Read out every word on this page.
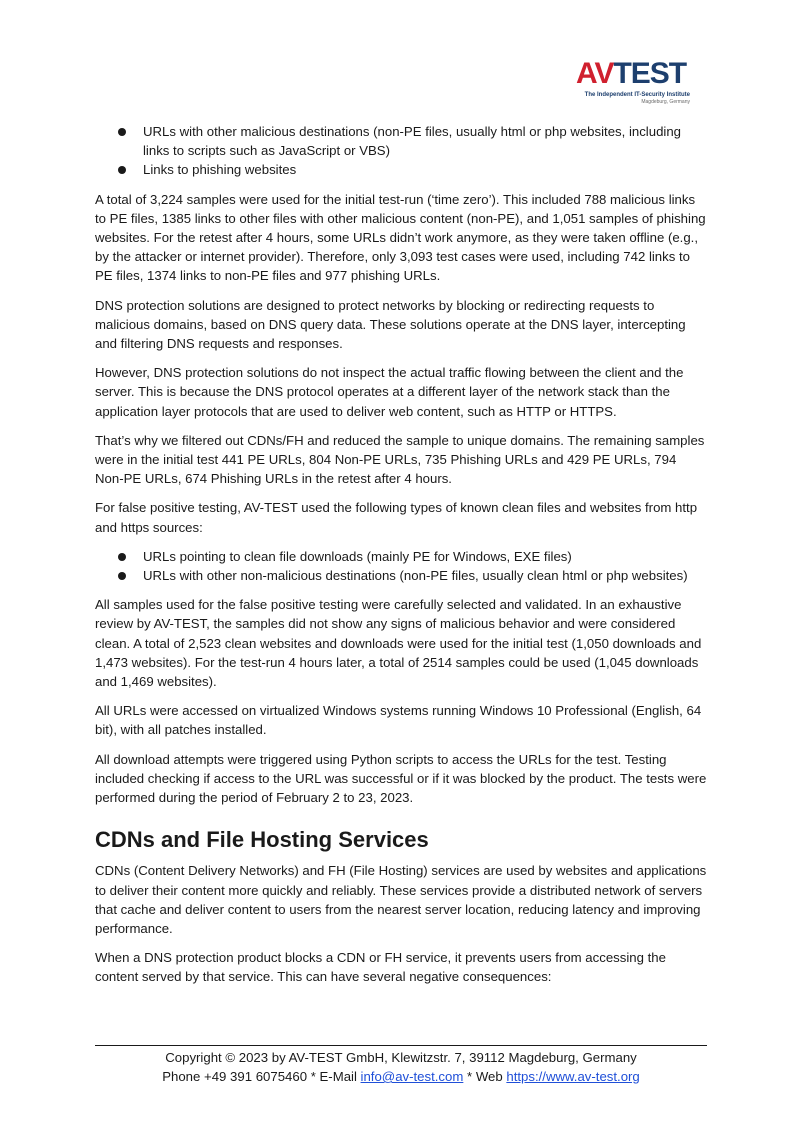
AVTEST
The Independent IT-Security Institute
Magdeburg, Germany
URLs with other malicious destinations (non-PE files, usually html or php websites, including links to scripts such as JavaScript or VBS)
Links to phishing websites

A total of 3,224 samples were used for the initial test-run (‘time zero’). This included 788 malicious links to PE files, 1385 links to other files with other malicious content (non-PE), and 1,051 samples of phishing websites. For the retest after 4 hours, some URLs didn’t work anymore, as they were taken offline (e.g., by the attacker or internet provider). Therefore, only 3,093 test cases were used, including 742 links to PE files, 1374 links to non-PE files and 977 phishing URLs.

DNS protection solutions are designed to protect networks by blocking or redirecting requests to malicious domains, based on DNS query data. These solutions operate at the DNS layer, intercepting and filtering DNS requests and responses.

However, DNS protection solutions do not inspect the actual traffic flowing between the client and the server. This is because the DNS protocol operates at a different layer of the network stack than the application layer protocols that are used to deliver web content, such as HTTP or HTTPS.

That’s why we filtered out CDNs/FH and reduced the sample to unique domains. The remaining samples were in the initial test 441 PE URLs, 804 Non-PE URLs, 735 Phishing URLs and 429 PE URLs, 794 Non-PE URLs, 674 Phishing URLs in the retest after 4 hours.

For false positive testing, AV-TEST used the following types of known clean files and websites from http and https sources:

URLs pointing to clean file downloads (mainly PE for Windows, EXE files)
URLs with other non-malicious destinations (non-PE files, usually clean html or php websites)

All samples used for the false positive testing were carefully selected and validated. In an exhaustive review by AV-TEST, the samples did not show any signs of malicious behavior and were considered clean. A total of 2,523 clean websites and downloads were used for the initial test (1,050 downloads and 1,473 websites). For the test-run 4 hours later, a total of 2514 samples could be used (1,045 downloads and 1,469 websites).

All URLs were accessed on virtualized Windows systems running Windows 10 Professional (English, 64 bit), with all patches installed.

All download attempts were triggered using Python scripts to access the URLs for the test. Testing included checking if access to the URL was successful or if it was blocked by the product. The tests were performed during the period of February 2 to 23, 2023.

CDNs and File Hosting Services

CDNs (Content Delivery Networks) and FH (File Hosting) services are used by websites and applications to deliver their content more quickly and reliably. These services provide a distributed network of servers that cache and deliver content to users from the nearest server location, reducing latency and improving performance.

When a DNS protection product blocks a CDN or FH service, it prevents users from accessing the content served by that service. This can have several negative consequences:

Copyright © 2023 by AV-TEST GmbH, Klewitzstr. 7, 39112 Magdeburg, Germany
Phone +49 391 6075460 * E-Mail info@av-test.com * Web https://www.av-test.org
